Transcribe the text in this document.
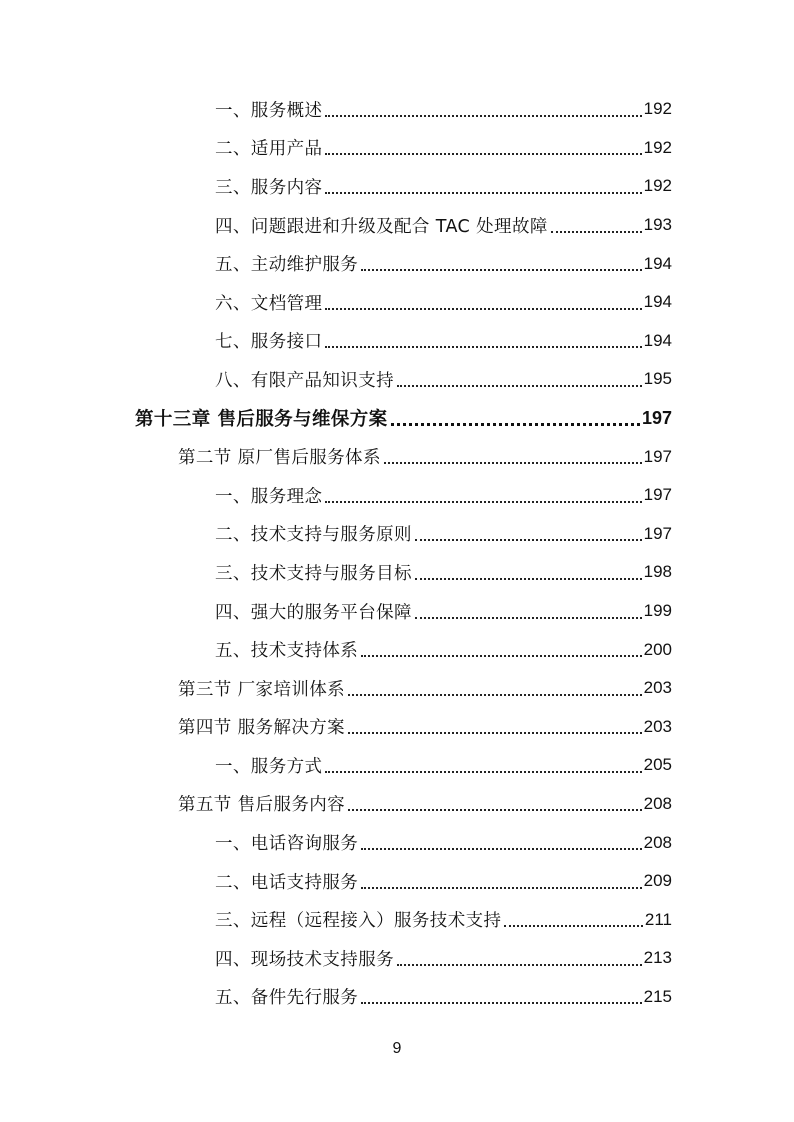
一、服务概述	192
二、适用产品	192
三、服务内容	192
四、问题跟进和升级及配合 TAC 处理故障	193
五、主动维护服务	194
六、文档管理	194
七、服务接口	194
八、有限产品知识支持	195
第十三章 售后服务与维保方案	197
第二节 原厂售后服务体系	197
一、服务理念	197
二、技术支持与服务原则	197
三、技术支持与服务目标	198
四、强大的服务平台保障	199
五、技术支持体系	200
第三节 厂家培训体系	203
第四节 服务解决方案	203
一、服务方式	205
第五节 售后服务内容	208
一、电话咨询服务	208
二、电话支持服务	209
三、远程（远程接入）服务技术支持	211
四、现场技术支持服务	213
五、备件先行服务	215
9
